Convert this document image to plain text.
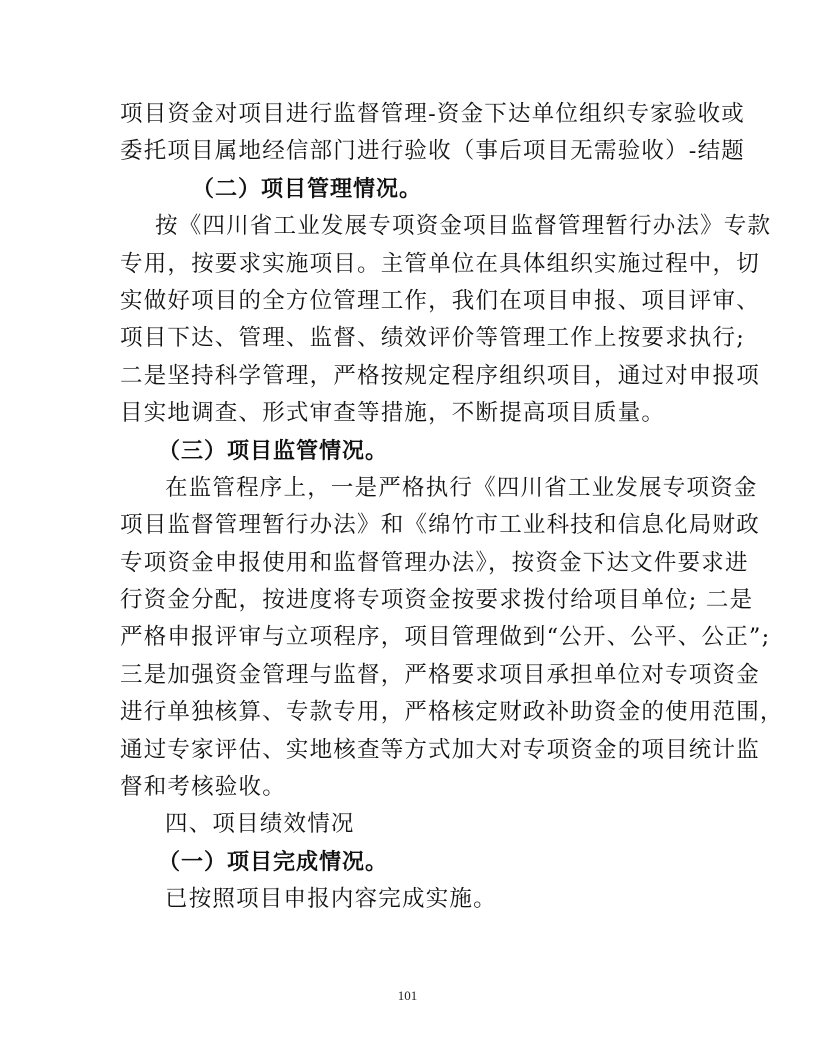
项目资金对项目进行监督管理-资金下达单位组织专家验收或

委托项目属地经信部门进行验收（事后项目无需验收）-结题

（二）项目管理情况。

按《四川省工业发展专项资金项目监督管理暂行办法》专款

专用，按要求实施项目。主管单位在具体组织实施过程中，切

实做好项目的全方位管理工作，我们在项目申报、项目评审、

项目下达、管理、监督、绩效评价等管理工作上按要求执行;

二是坚持科学管理，严格按规定程序组织项目，通过对申报项

目实地调查、形式审查等措施，不断提高项目质量。

（三）项目监管情况。

在监管程序上，一是严格执行《四川省工业发展专项资金

项目监督管理暂行办法》和《绵竹市工业科技和信息化局财政

专项资金申报使用和监督管理办法》，按资金下达文件要求进

行资金分配，按进度将专项资金按要求拨付给项目单位; 二是

严格申报评审与立项程序，项目管理做到“公开、公平、公正”;

三是加强资金管理与监督，严格要求项目承担单位对专项资金

进行单独核算、专款专用，严格核定财政补助资金的使用范围，

通过专家评估、实地核查等方式加大对专项资金的项目统计监

督和考核验收。

四、项目绩效情况

（一）项目完成情况。

已按照项目申报内容完成实施。

101
